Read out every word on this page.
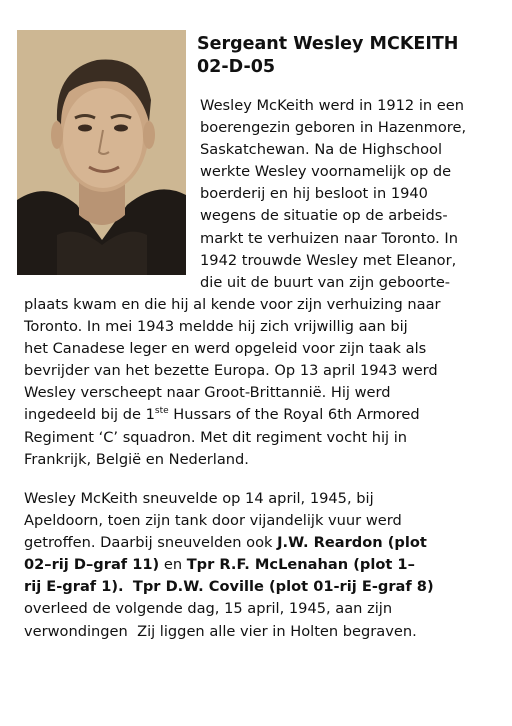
Sergeant Wesley MCKEITH
02-D-05
Wesley McKeith werd in 1912 in een
boerengezin geboren in Hazenmore,
Saskatchewan. Na de Highschool
werkte Wesley voornamelijk op de
boerderij en hij besloot in 1940
wegens de situatie op de arbeids-
markt te verhuizen naar Toronto. In
1942 trouwde Wesley met Eleanor,
die uit de buurt van zijn geboorte-
plaats kwam en die hij al kende voor zijn verhuizing naar
Toronto. In mei 1943 meldde hij zich vrijwillig aan bij
het Canadese leger en werd opgeleid voor zijn taak als
bevrijder van het bezette Europa. Op 13 april 1943 werd
Wesley verscheept naar Groot-Brittannië. Hij werd
ingedeeld bij de 1ste Hussars of the Royal 6th Armored
Regiment ‘C’ squadron. Met dit regiment vocht hij in
Frankrijk, België en Nederland.
Wesley McKeith sneuvelde op 14 april, 1945, bij
Apeldoorn, toen zijn tank door vijandelijk vuur werd
getroffen. Daarbij sneuvelden ook J.W. Reardon (plot
02–rij D–graf 11) en Tpr R.F. McLenahan (plot 1–
rij E-graf 1). Tpr D.W. Coville (plot 01-rij E-graf 8)
overleed de volgende dag, 15 april, 1945, aan zijn
verwondingen  Zij liggen alle vier in Holten begraven.
